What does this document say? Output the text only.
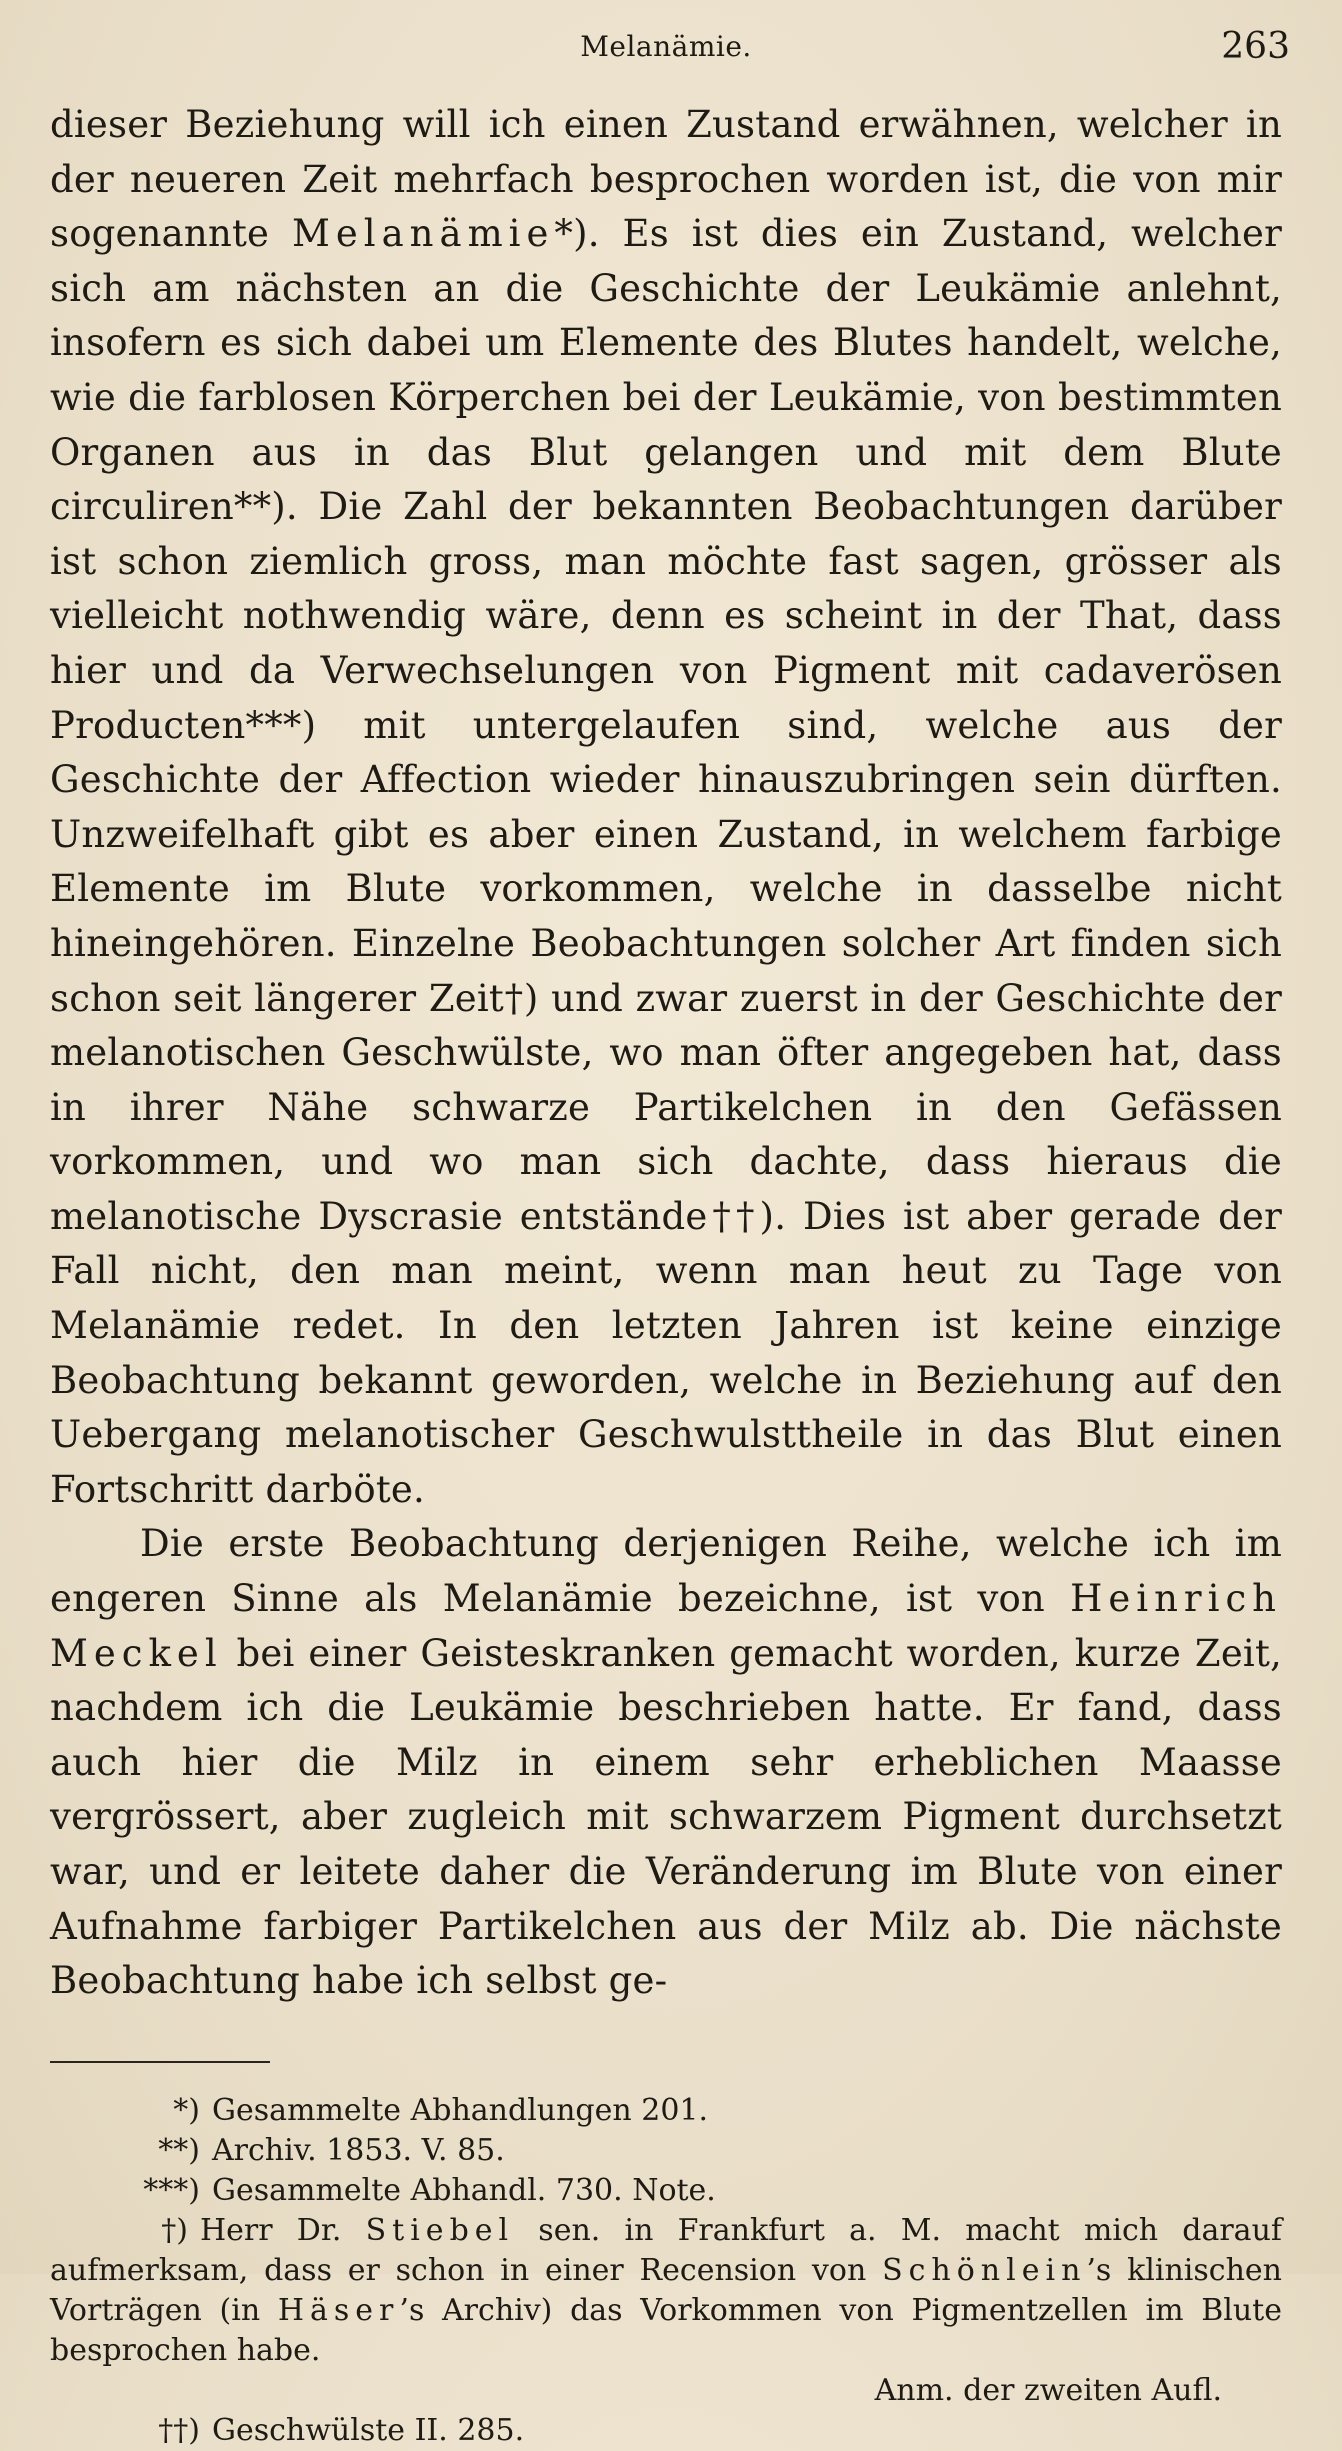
Melanämie.	263

dieser Beziehung will ich einen Zustand erwähnen, welcher in der neueren Zeit mehrfach besprochen worden ist, die von mir sogenannte Melanämie*). Es ist dies ein Zustand, welcher sich am nächsten an die Geschichte der Leukämie anlehnt, insofern es sich dabei um Elemente des Blutes handelt, welche, wie die farblosen Körperchen bei der Leukämie, von bestimmten Organen aus in das Blut gelangen und mit dem Blute circuliren**). Die Zahl der bekannten Beobachtungen darüber ist schon ziemlich gross, man möchte fast sagen, grösser als vielleicht nothwendig wäre, denn es scheint in der That, dass hier und da Verwechselungen von Pigment mit cadaverösen Producten***) mit untergelaufen sind, welche aus der Geschichte der Affection wieder hinauszubringen sein dürften. Unzweifelhaft gibt es aber einen Zustand, in welchem farbige Elemente im Blute vorkommen, welche in dasselbe nicht hineingehören. Einzelne Beobachtungen solcher Art finden sich schon seit längerer Zeit†) und zwar zuerst in der Geschichte der melanotischen Geschwülste, wo man öfter angegeben hat, dass in ihrer Nähe schwarze Partikelchen in den Gefässen vorkommen, und wo man sich dachte, dass hieraus die melanotische Dyscrasie entstände††). Dies ist aber gerade der Fall nicht, den man meint, wenn man heut zu Tage von Melanämie redet. In den letzten Jahren ist keine einzige Beobachtung bekannt geworden, welche in Beziehung auf den Uebergang melanotischer Geschwulsttheile in das Blut einen Fortschritt darböte.

Die erste Beobachtung derjenigen Reihe, welche ich im engeren Sinne als Melanämie bezeichne, ist von Heinrich Meckel bei einer Geisteskranken gemacht worden, kurze Zeit, nachdem ich die Leukämie beschrieben hatte. Er fand, dass auch hier die Milz in einem sehr erheblichen Maasse vergrössert, aber zugleich mit schwarzem Pigment durchsetzt war, und er leitete daher die Veränderung im Blute von einer Aufnahme farbiger Partikelchen aus der Milz ab. Die nächste Beobachtung habe ich selbst ge-

*) Gesammelte Abhandlungen 201.
**) Archiv. 1853. V. 85.
***) Gesammelte Abhandl. 730. Note.
†) Herr Dr. Stiebel sen. in Frankfurt a. M. macht mich darauf aufmerksam, dass er schon in einer Recension von Schönlein’s klinischen Vorträgen (in Häser’s Archiv) das Vorkommen von Pigmentzellen im Blute besprochen habe.
Anm. der zweiten Aufl.
††) Geschwülste II. 285.
